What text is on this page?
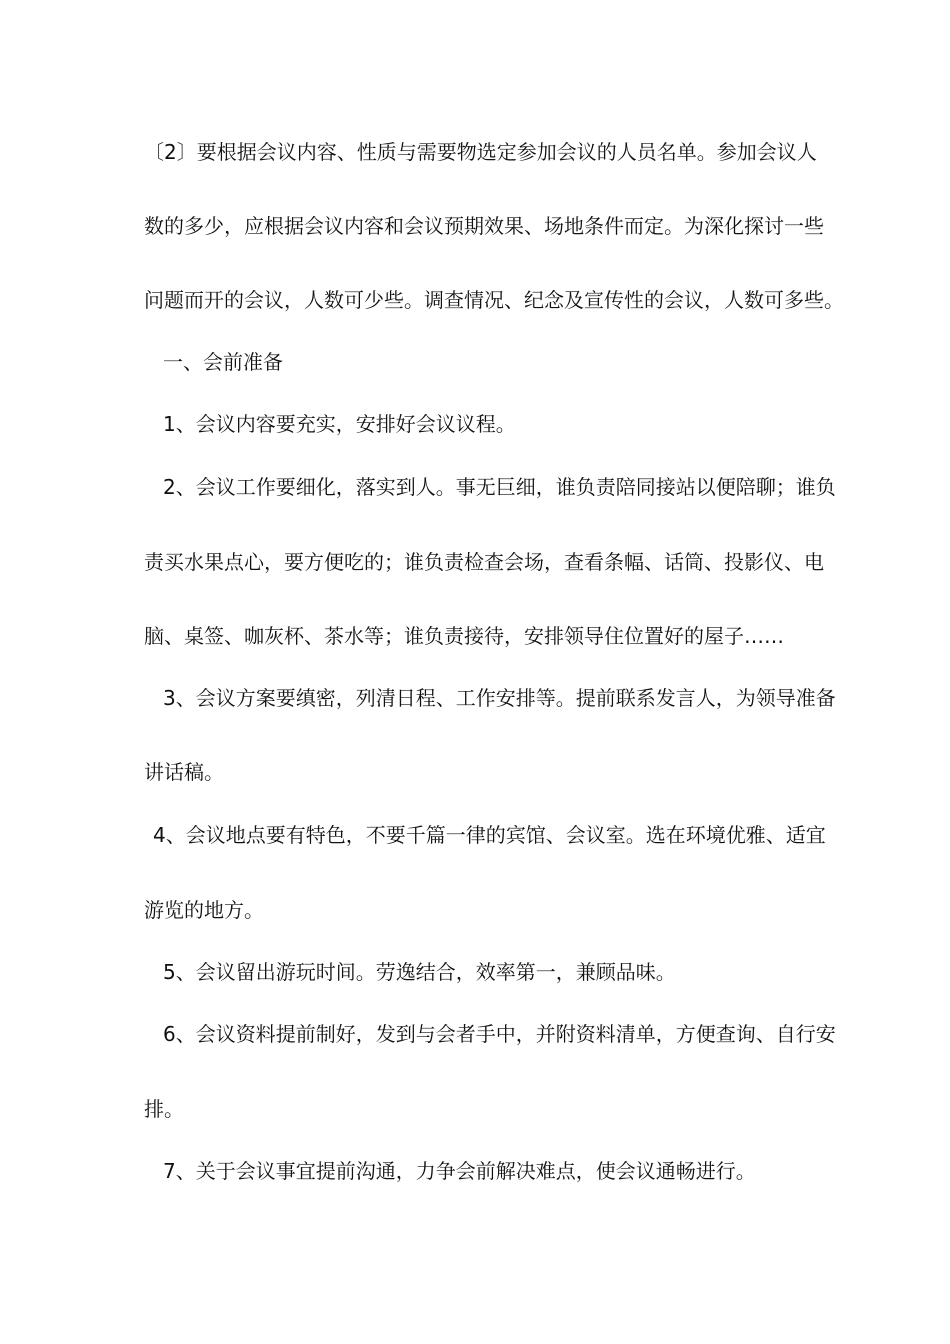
〔2〕要根据会议内容、性质与需要物选定参加会议的人员名单。参加会议人
数的多少，应根据会议内容和会议预期效果、场地条件而定。为深化探讨一些
问题而开的会议，人数可少些。调查情况、纪念及宣传性的会议，人数可多些。
一、会前准备
1、会议内容要充实，安排好会议议程。
2、会议工作要细化，落实到人。事无巨细，谁负责陪同接站以便陪聊；谁负
责买水果点心，要方便吃的；谁负责检查会场，查看条幅、话筒、投影仪、电
脑、桌签、咖灰杯、茶水等；谁负责接待，安排领导住位置好的屋子……
3、会议方案要缜密，列清日程、工作安排等。提前联系发言人，为领导准备
讲话稿。
4、会议地点要有特色，不要千篇一律的宾馆、会议室。选在环境优雅、适宜
游览的地方。
5、会议留出游玩时间。劳逸结合，效率第一，兼顾品味。
6、会议资料提前制好，发到与会者手中，并附资料清单，方便查询、自行安
排。
7、关于会议事宜提前沟通，力争会前解决难点，使会议通畅进行。
